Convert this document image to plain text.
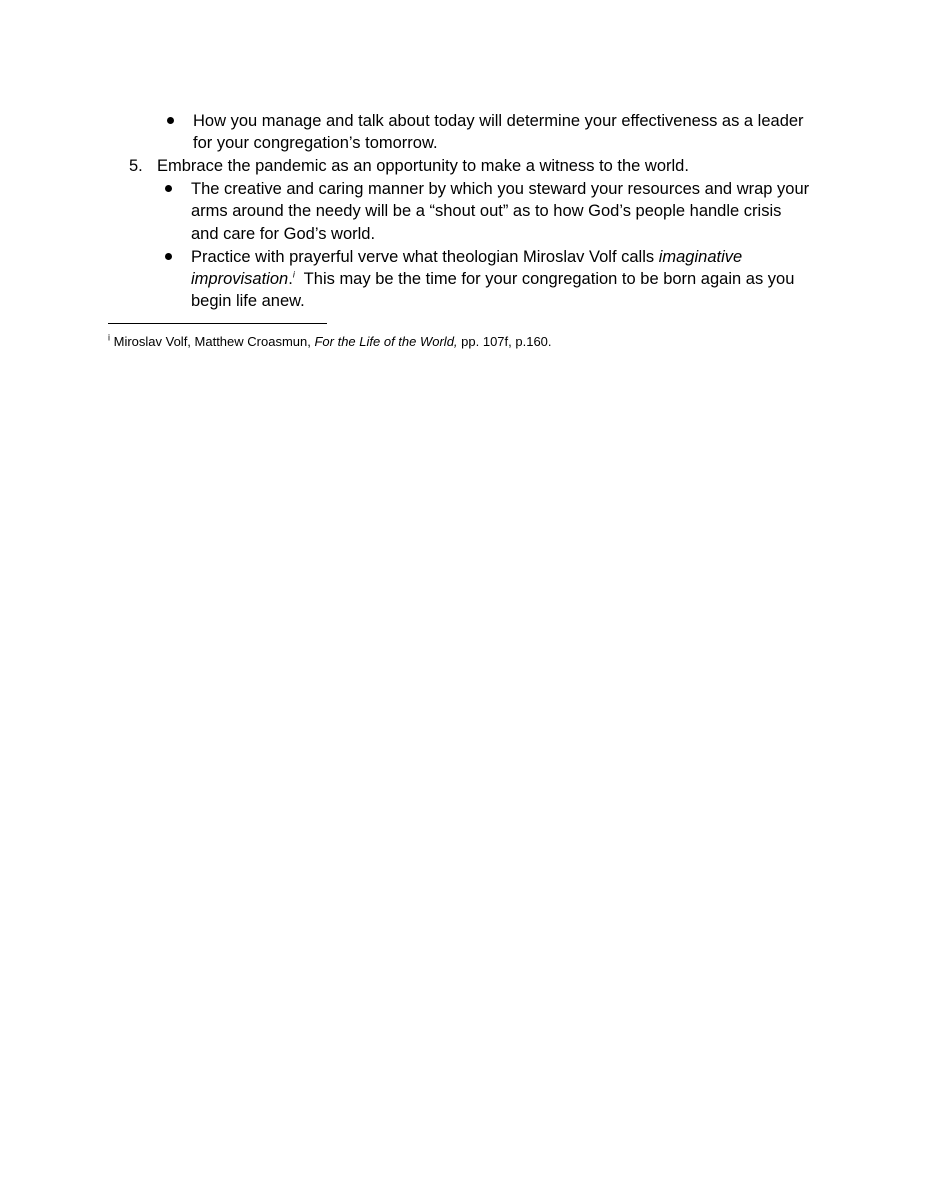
How you manage and talk about today will determine your effectiveness as a leader
for your congregation’s tomorrow.
5. Embrace the pandemic as an opportunity to make a witness to the world.
The creative and caring manner by which you steward your resources and wrap your
arms around the needy will be a “shout out” as to how God’s people handle crisis
and care for God’s world.
Practice with prayerful verve what theologian Miroslav Volf calls imaginative
improvisation.$^i$  This may be the time for your congregation to be born again as you
begin life anew.
$^i$ Miroslav Volf, Matthew Croasmun, For the Life of the World, pp. 107f, p.160.
